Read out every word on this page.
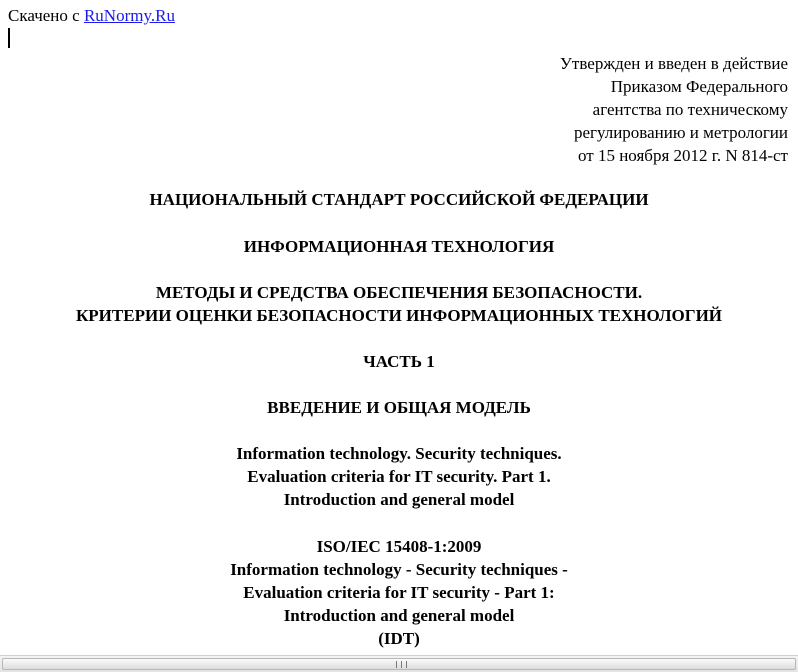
Скачено с RuNormy.Ru
Утвержден и введен в действие
Приказом Федерального
агентства по техническому
регулированию и метрологии
от 15 ноября 2012 г. N 814-ст
НАЦИОНАЛЬНЫЙ СТАНДАРТ РОССИЙСКОЙ ФЕДЕРАЦИИ
ИНФОРМАЦИОННАЯ ТЕХНОЛОГИЯ
МЕТОДЫ И СРЕДСТВА ОБЕСПЕЧЕНИЯ БЕЗОПАСНОСТИ.
КРИТЕРИИ ОЦЕНКИ БЕЗОПАСНОСТИ ИНФОРМАЦИОННЫХ ТЕХНОЛОГИЙ
ЧАСТЬ 1
ВВЕДЕНИЕ И ОБЩАЯ МОДЕЛЬ
Information technology. Security techniques.
Evaluation criteria for IT security. Part 1.
Introduction and general model
ISO/IEC 15408-1:2009
Information technology - Security techniques -
Evaluation criteria for IT security - Part 1:
Introduction and general model
(IDT)
